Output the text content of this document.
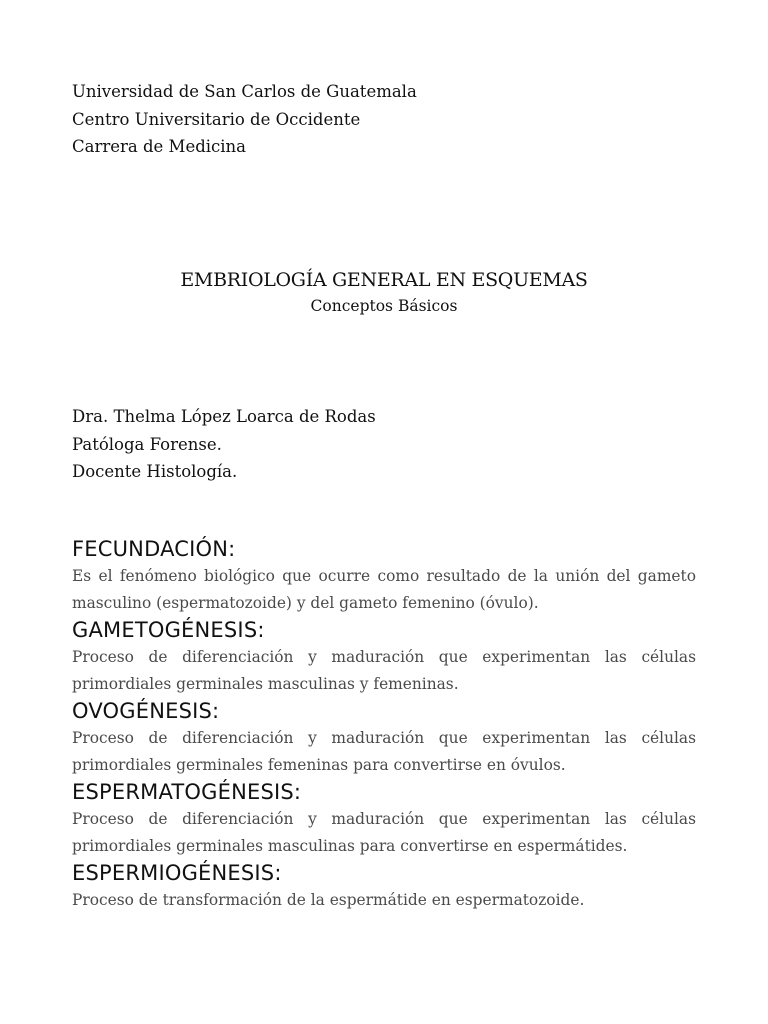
Universidad de San Carlos de Guatemala
Centro Universitario de Occidente
Carrera de Medicina
EMBRIOLOGÍA GENERAL EN ESQUEMAS
Conceptos Básicos
Dra. Thelma López Loarca de Rodas
Patóloga Forense.
Docente Histología.
FECUNDACIÓN:
Es el fenómeno biológico que ocurre como resultado de la unión del gameto masculino (espermatozoide) y del gameto femenino (óvulo).
GAMETOGÉNESIS:
Proceso de diferenciación y maduración que experimentan las células primordiales germinales masculinas y femeninas.
OVOGÉNESIS:
Proceso de diferenciación y maduración que experimentan las células primordiales germinales femeninas para convertirse en óvulos.
ESPERMATOGÉNESIS:
Proceso de diferenciación y maduración que experimentan las células primordiales germinales masculinas para convertirse en espermátides.
ESPERMIOGÉNESIS:
Proceso de transformación de la espermátide en espermatozoide.
